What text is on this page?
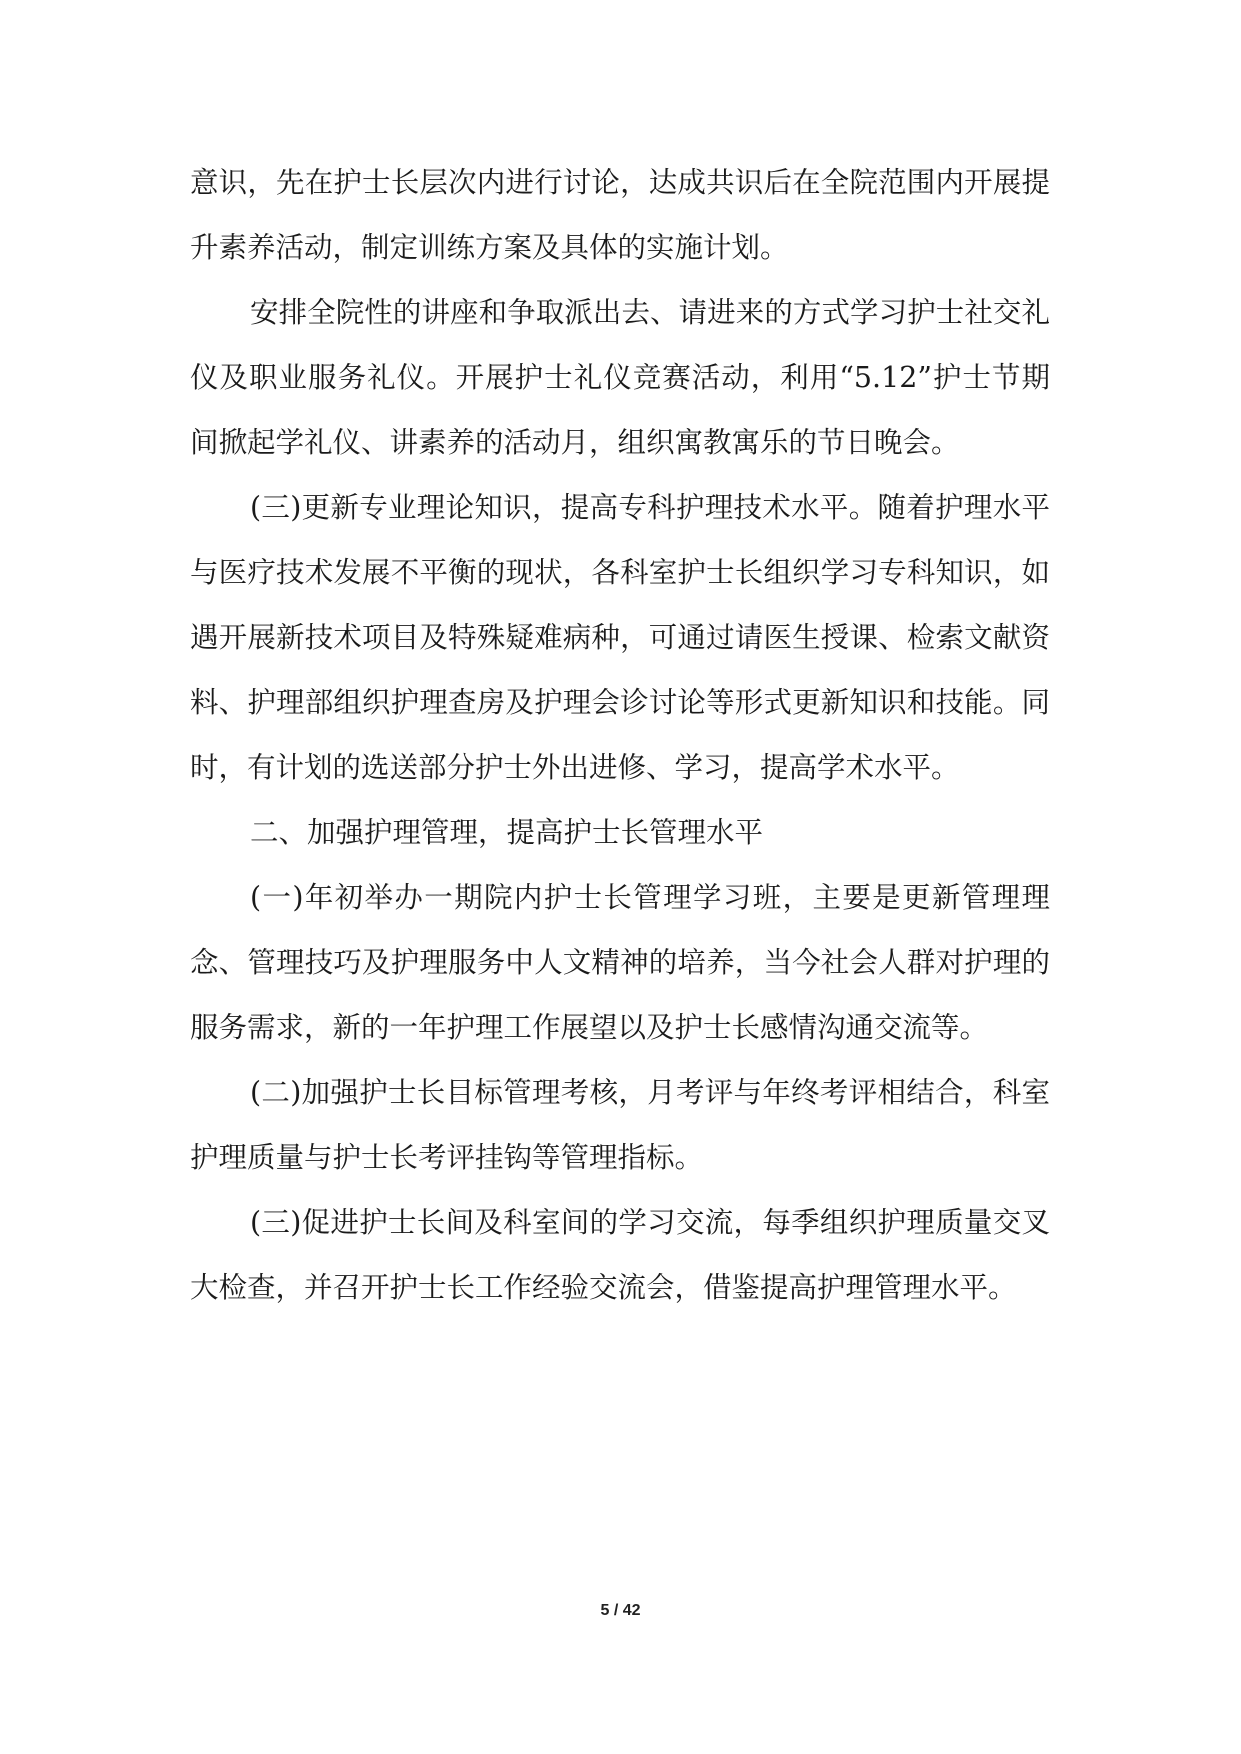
意识，先在护士长层次内进行讨论，达成共识后在全院范围内开展提升素养活动，制定训练方案及具体的实施计划。

安排全院性的讲座和争取派出去、请进来的方式学习护士社交礼仪及职业服务礼仪。开展护士礼仪竞赛活动，利用“5.12”护士节期间掀起学礼仪、讲素养的活动月，组织寓教寓乐的节日晚会。

(三)更新专业理论知识，提高专科护理技术水平。随着护理水平与医疗技术发展不平衡的现状，各科室护士长组织学习专科知识，如遇开展新技术项目及特殊疑难病种，可通过请医生授课、检索文献资料、护理部组织护理查房及护理会诊讨论等形式更新知识和技能。同时，有计划的选送部分护士外出进修、学习，提高学术水平。

二、加强护理管理，提高护士长管理水平

(一)年初举办一期院内护士长管理学习班，主要是更新管理理念、管理技巧及护理服务中人文精神的培养，当今社会人群对护理的服务需求，新的一年护理工作展望以及护士长感情沟通交流等。

(二)加强护士长目标管理考核，月考评与年终考评相结合，科室护理质量与护士长考评挂钩等管理指标。

(三)促进护士长间及科室间的学习交流，每季组织护理质量交叉大检查，并召开护士长工作经验交流会，借鉴提高护理管理水平。

5 / 42
